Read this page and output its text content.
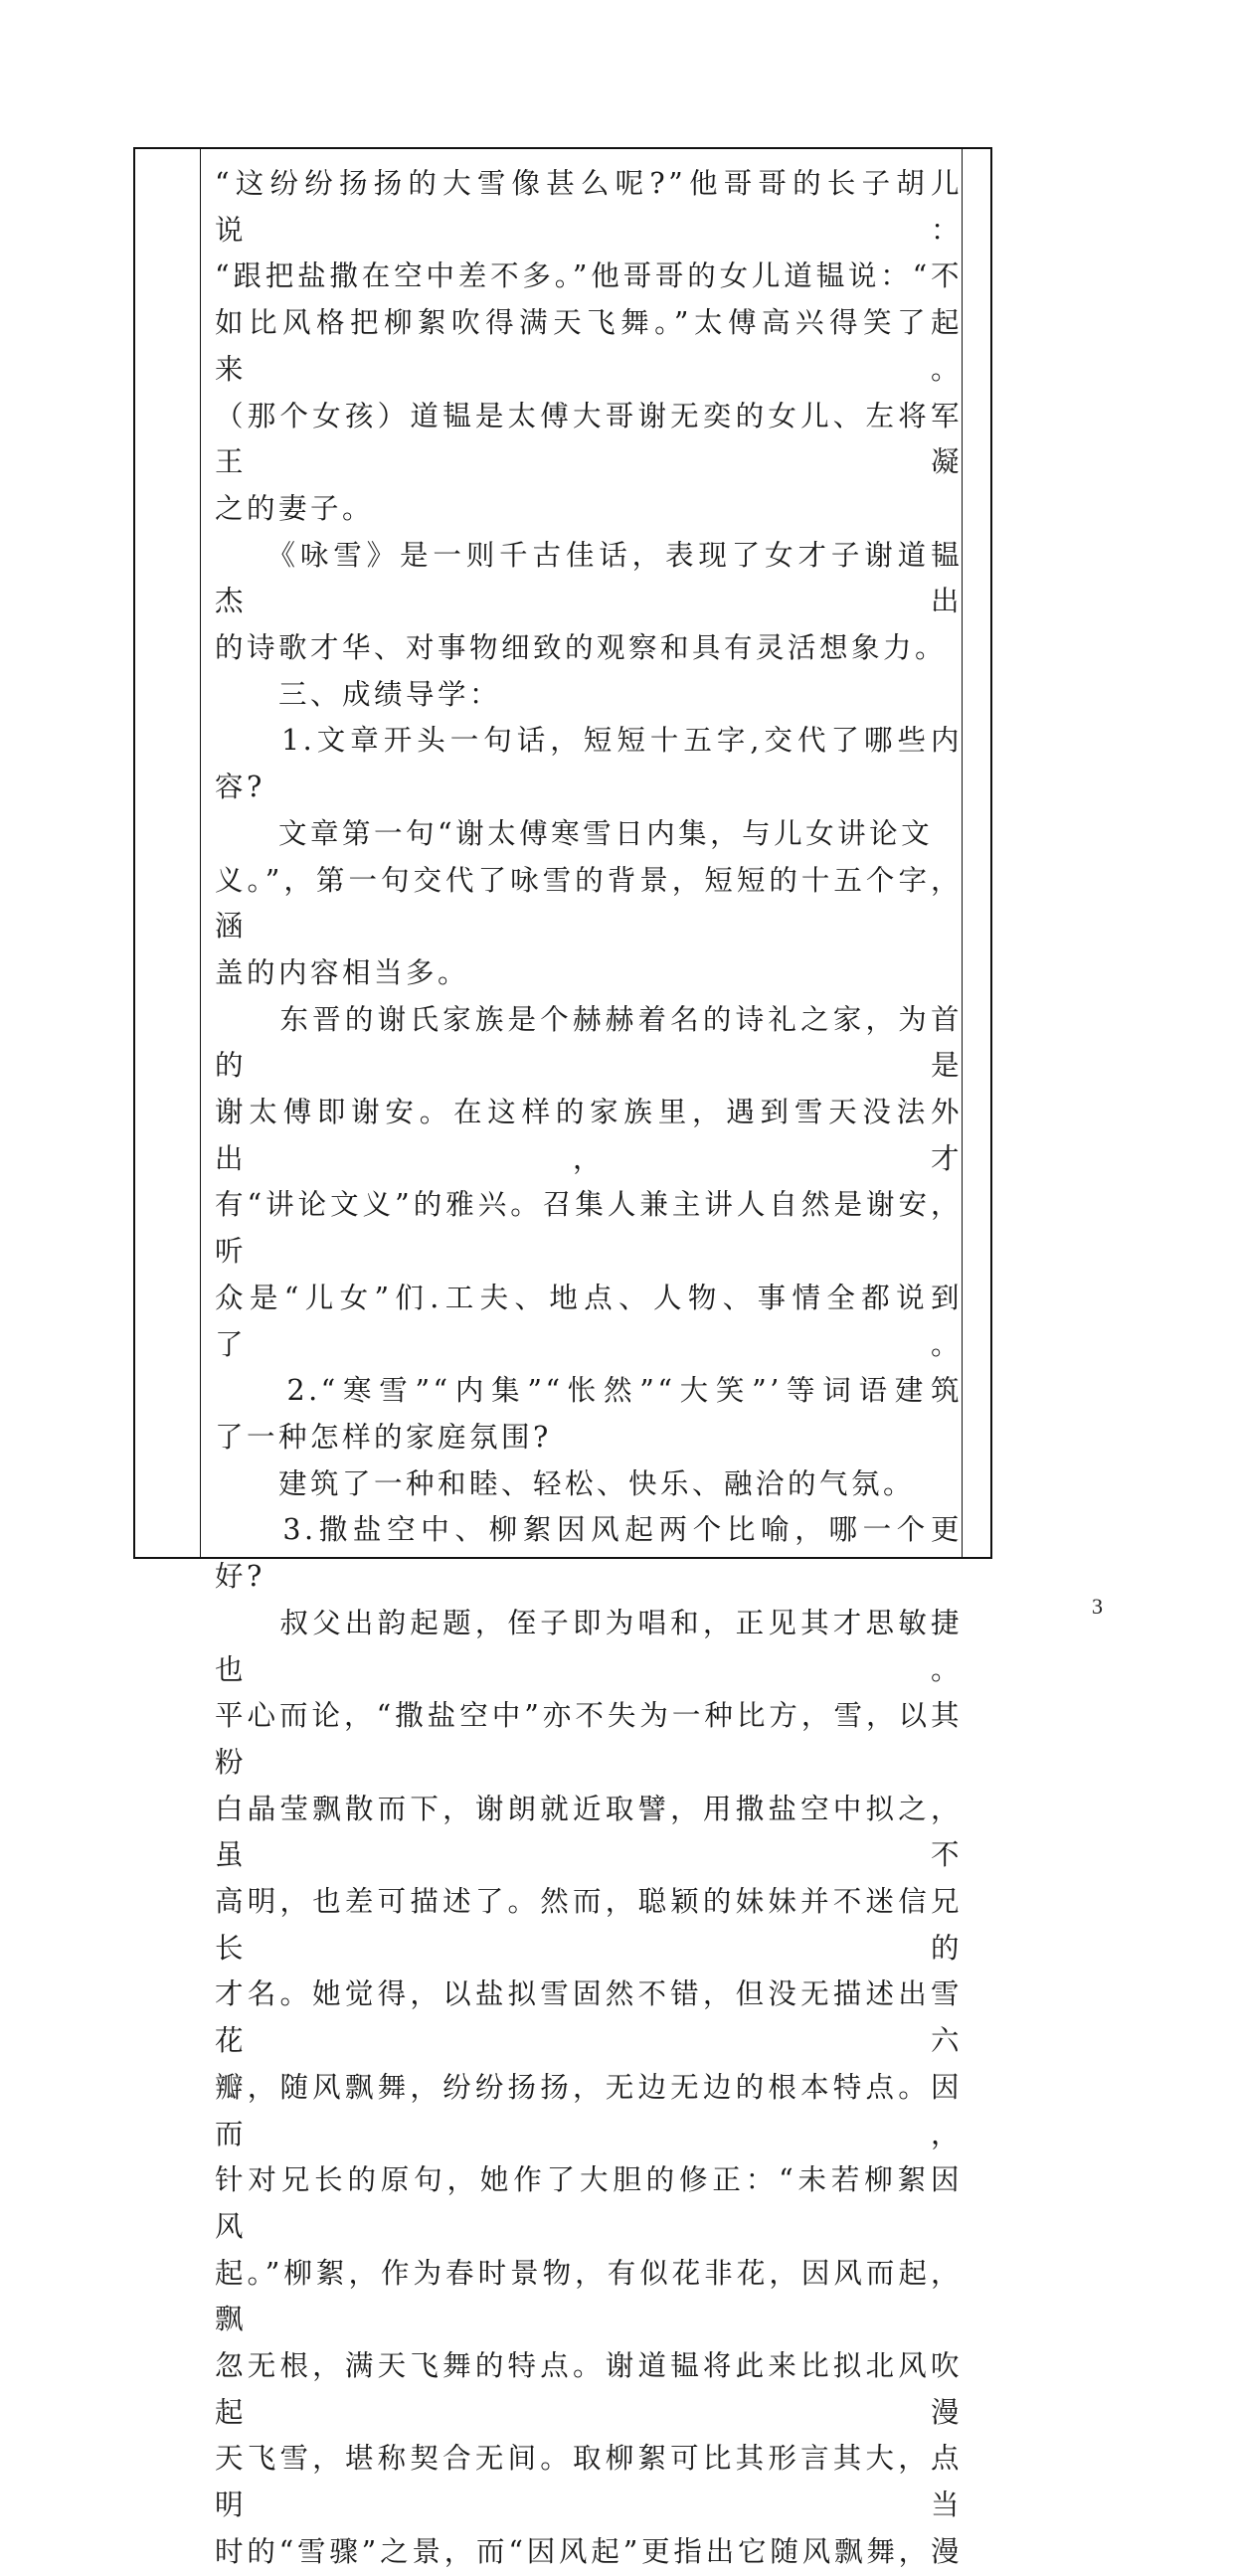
“这纷纷扬扬的大雪像甚么呢?”他哥哥的长子胡儿说：

“跟把盐撒在空中差不多。”他哥哥的女儿道韫说：“不

如比风格把柳絮吹得满天飞舞。”太傅高兴得笑了起来。

（那个女孩）道韫是太傅大哥谢无奕的女儿、左将军王凝

之的妻子。

　　《咏雪》是一则千古佳话，表现了女才子谢道韫杰出

的诗歌才华、对事物细致的观察和具有灵活想象力。

　　三、成绩导学：

　　1.文章开头一句话，短短十五字,交代了哪些内容?

　　文章第一句“谢太傅寒雪日内集，与儿女讲论文

义。”，第一句交代了咏雪的背景，短短的十五个字，涵

盖的内容相当多。

　　东晋的谢氏家族是个赫赫着名的诗礼之家，为首的是

谢太傅即谢安。在这样的家族里，遇到雪天没法外出，才

有“讲论文义”的雅兴。召集人兼主讲人自然是谢安，听

众是“儿女”们.工夫、地点、人物、事情全都说到了。

　　2.“寒雪”“内集”“怅然”“大笑”’等词语建筑

了一种怎样的家庭氛围?

　　建筑了一种和睦、轻松、快乐、融洽的气氛。

　　3.撒盐空中、柳絮因风起两个比喻，哪一个更好?

　　叔父出韵起题，侄子即为唱和，正见其才思敏捷也。

平心而论，“撒盐空中”亦不失为一种比方，雪，以其粉

白晶莹飘散而下，谢朗就近取譬，用撒盐空中拟之，虽不

高明，也差可描述了。然而，聪颖的妹妹并不迷信兄长的

才名。她觉得，以盐拟雪固然不错，但没无描述出雪花六

瓣，随风飘舞，纷纷扬扬，无边无边的根本特点。因而，

针对兄长的原句，她作了大胆的修正：“未若柳絮因风

起。”柳絮，作为春时景物，有似花非花，因风而起，飘

忽无根，满天飞舞的特点。谢道韫将此来比拟北风吹起漫

天飞雪，堪称契合无间。取柳絮可比其形言其大，点明当

时的“雪骤”之景，而“因风起”更指出它随风飘舞，漫

3
